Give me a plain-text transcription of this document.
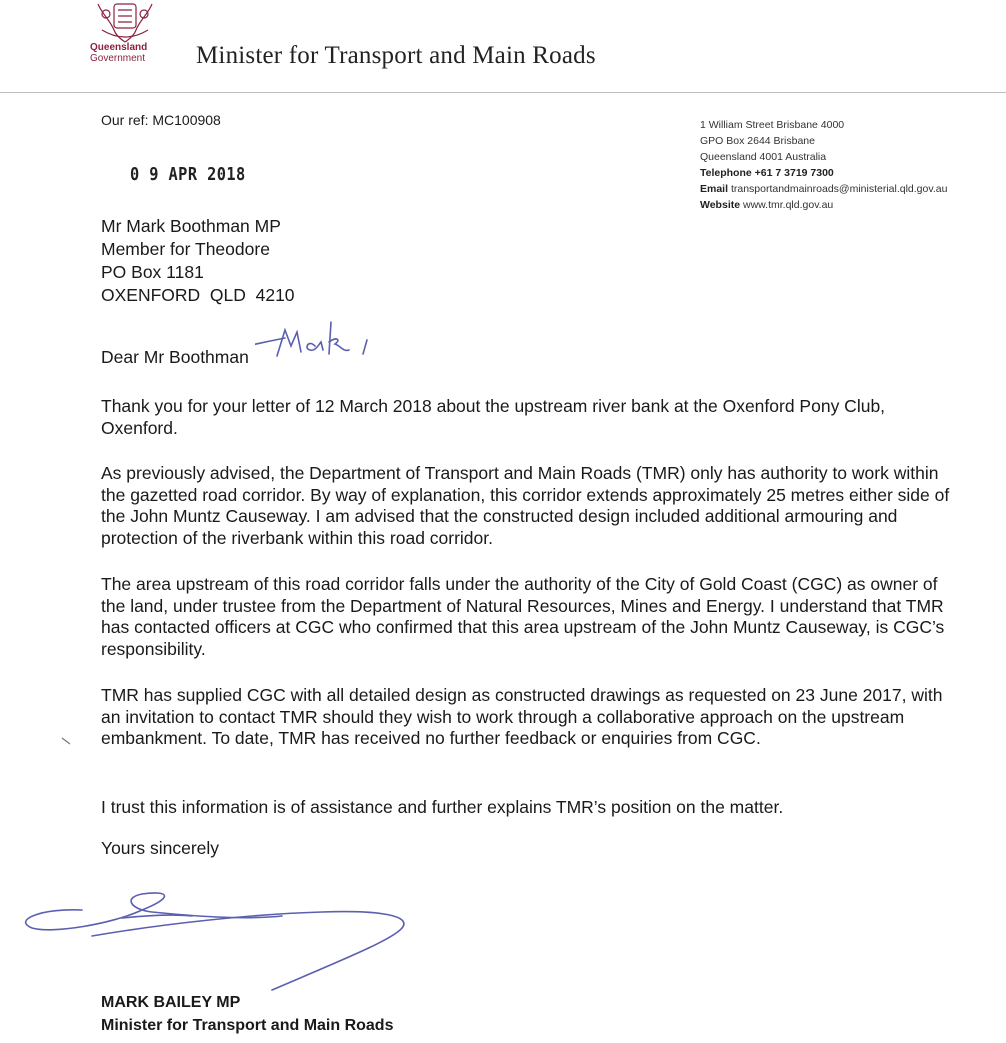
Queensland
Government	Minister for Transport and Main Roads
Our ref: MC100908
0 9 APR 2018
1 William Street Brisbane 4000
GPO Box 2644 Brisbane
Queensland 4001 Australia
Telephone +61 7 3719 7300
Email transportandmainroads@ministerial.qld.gov.au
Website www.tmr.qld.gov.au
Mr Mark Boothman MP
Member for Theodore
PO Box 1181
OXENFORD  QLD  4210
Dear Mr Boothman
Thank you for your letter of 12 March 2018 about the upstream river bank at the Oxenford Pony Club, Oxenford.
As previously advised, the Department of Transport and Main Roads (TMR) only has authority to work within the gazetted road corridor. By way of explanation, this corridor extends approximately 25 metres either side of the John Muntz Causeway. I am advised that the constructed design included additional armouring and protection of the riverbank within this road corridor.
The area upstream of this road corridor falls under the authority of the City of Gold Coast (CGC) as owner of the land, under trustee from the Department of Natural Resources, Mines and Energy. I understand that TMR has contacted officers at CGC who confirmed that this area upstream of the John Muntz Causeway, is CGC’s responsibility.
TMR has supplied CGC with all detailed design as constructed drawings as requested on 23 June 2017, with an invitation to contact TMR should they wish to work through a collaborative approach on the upstream embankment. To date, TMR has received no further feedback or enquiries from CGC.
I trust this information is of assistance and further explains TMR’s position on the matter.
Yours sincerely
MARK BAILEY MP
Minister for Transport and Main Roads
